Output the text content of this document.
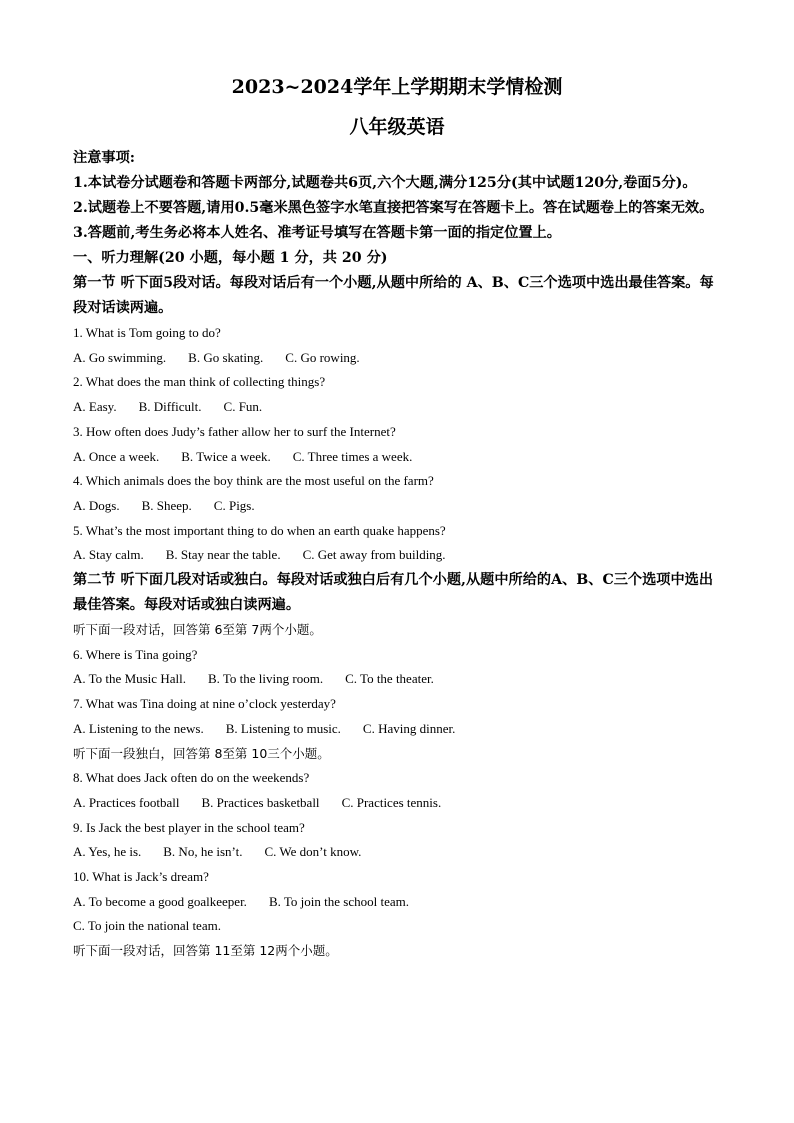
2023~2024学年上学期期末学情检测
八年级英语
注意事项:
1.本试卷分试题卷和答题卡两部分,试题卷共6页,六个大题,满分125分(其中试题120分,卷面5分)。
2.试题卷上不要答题,请用0.5毫米黑色签字水笔直接把答案写在答题卡上。答在试题卷上的答案无效。
3.答题前,考生务必将本人姓名、准考证号填写在答题卡第一面的指定位置上。
一、听力理解(20 小题，每小题 1 分，共 20 分)
第一节 听下面5段对话。每段对话后有一个小题,从题中所给的 A、B、C三个选项中选出最佳答案。每段对话读两遍。
1. What is Tom going to do?
A. Go swimming. B. Go skating. C. Go rowing.
2. What does the man think of collecting things?
A. Easy. B. Difficult. C. Fun.
3. How often does Judy’s father allow her to surf the Internet?
A. Once a week. B. Twice a week. C. Three times a week.
4. Which animals does the boy think are the most useful on the farm?
A. Dogs. B. Sheep. C. Pigs.
5. What’s the most important thing to do when an earth quake happens?
A. Stay calm. B. Stay near the table. C. Get away from building.
第二节 听下面几段对话或独白。每段对话或独白后有几个小题,从题中所给的A、B、C三个选项中选出最佳答案。每段对话或独白读两遍。
听下面一段对话，回答第 6至第 7两个小题。
6. Where is Tina going?
A. To the Music Hall. B. To the living room. C. To the theater.
7. What was Tina doing at nine o’clock yesterday?
A. Listening to the news. B. Listening to music. C. Having dinner.
听下面一段独白，回答第 8至第 10三个小题。
8. What does Jack often do on the weekends?
A. Practices football B. Practices basketball C. Practices tennis.
9. Is Jack the best player in the school team?
A. Yes, he is. B. No, he isn’t. C. We don’t know.
10. What is Jack’s dream?
A. To become a good goalkeeper. B. To join the school team.
C. To join the national team.
听下面一段对话，回答第 11至第 12两个小题。
